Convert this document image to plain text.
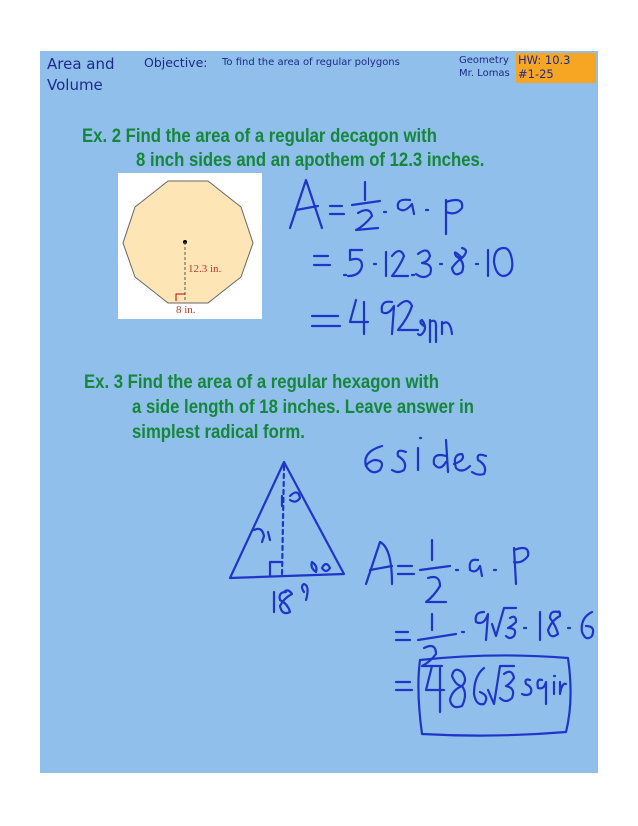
Area and
Volume
Objective: To find the area of regular polygons	Geometry
Mr. Lomas
HW: 10.3
#1-25
Ex. 2 Find the area of a regular decagon with
8 inch sides and an apothem of 12.3 inches.
12.3 in.
8 in.
Ex. 3 Find the area of a regular hexagon with
a side length of 18 inches. Leave answer in
simplest radical form.
